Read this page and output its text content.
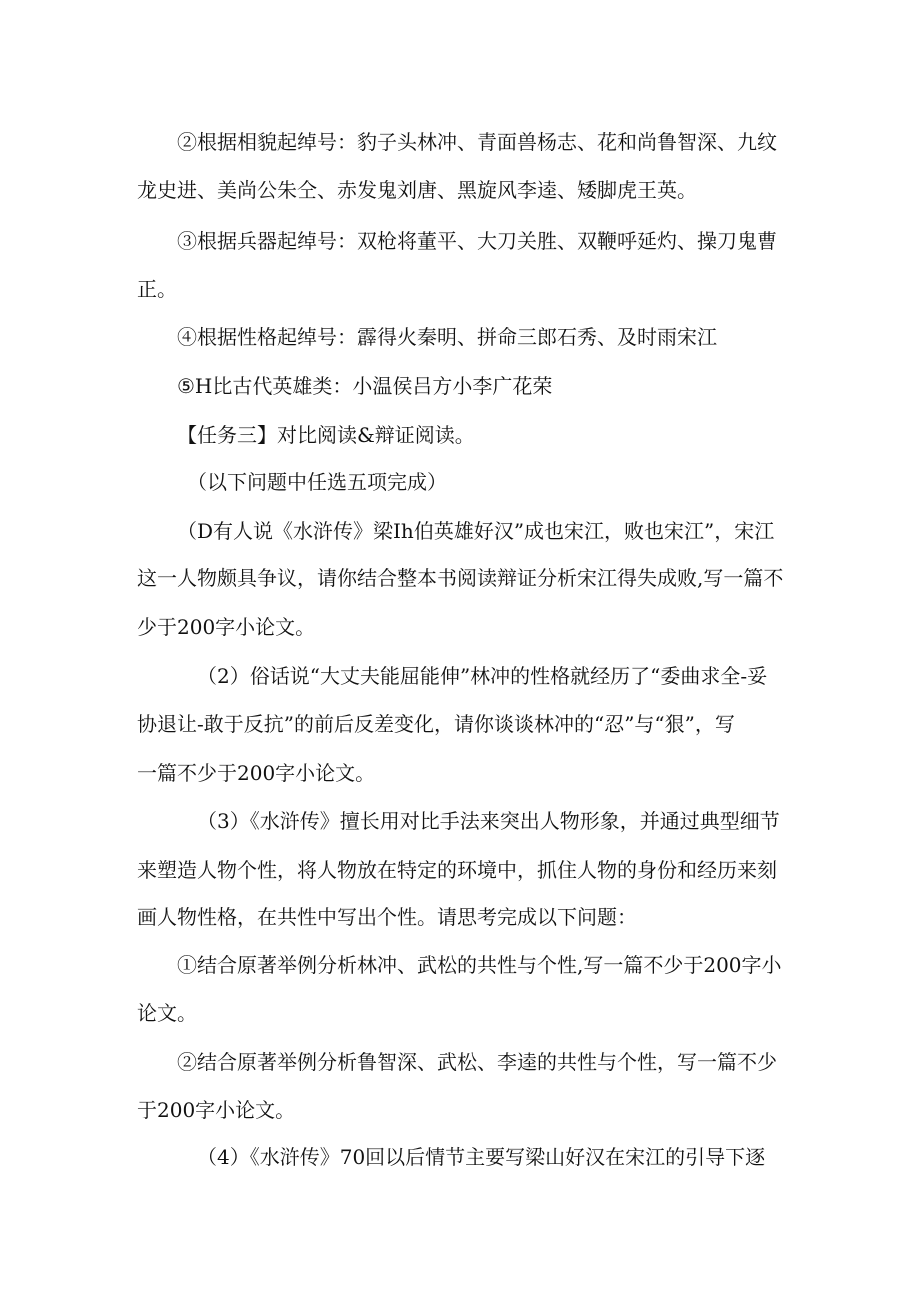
②根据相貌起绰号：豹子头林冲、青面兽杨志、花和尚鲁智深、九纹
龙史进、美尚公朱仝、赤发鬼刘唐、黑旋风李逵、矮脚虎王英。
③根据兵器起绰号：双枪将董平、大刀关胜、双鞭呼延灼、操刀鬼曹
正。
④根据性格起绰号：霹得火秦明、拼命三郎石秀、及时雨宋江
⑤H比古代英雄类：小温侯吕方小李广花荣
【任务三】对比阅读&辩证阅读。
（以下问题中任选五项完成）
（D有人说《水浒传》梁Ih伯英雄好汉”成也宋江，败也宋江”，宋江
这一人物颇具争议，请你结合整本书阅读辩证分析宋江得失成败,写一篇不
少于200字小论文。
（2）俗话说“大丈夫能屈能伸”林冲的性格就经历了“委曲求全-妥
协退让-敢于反抗”的前后反差变化，请你谈谈林冲的“忍”与“狠”，写
一篇不少于200字小论文。
（3）《水浒传》擅长用对比手法来突出人物形象，并通过典型细节
来塑造人物个性，将人物放在特定的环境中，抓住人物的身份和经历来刻
画人物性格，在共性中写出个性。请思考完成以下问题：
①结合原著举例分析林冲、武松的共性与个性,写一篇不少于200字小
论文。
②结合原著举例分析鲁智深、武松、李逵的共性与个性，写一篇不少
于200字小论文。
（4）《水浒传》70回以后情节主要写梁山好汉在宋江的引导下逐
